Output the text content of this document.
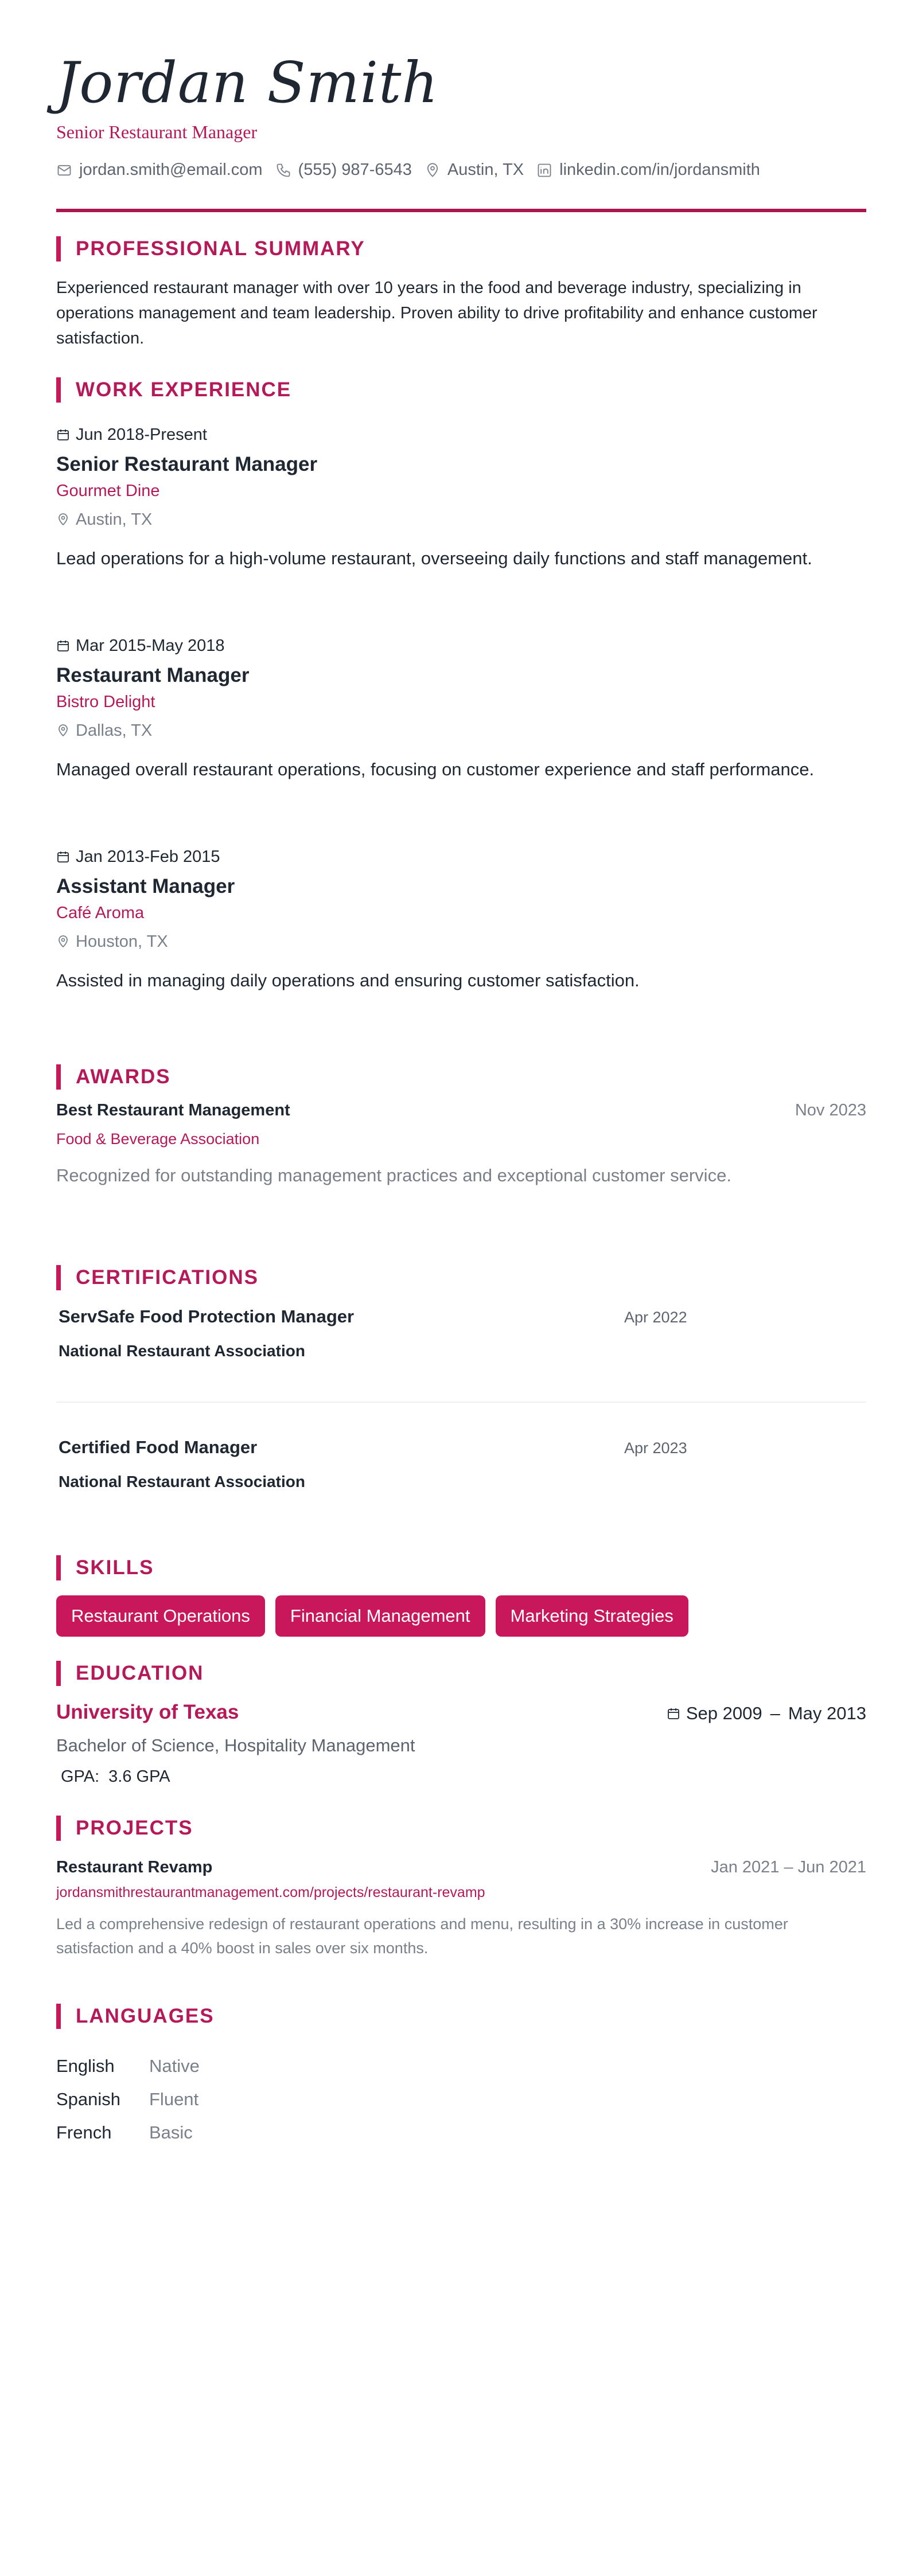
Jordan Smith
Senior Restaurant Manager
jordan.smith@email.com (555) 987-6543 Austin, TX linkedin.com/in/jordansmith
PROFESSIONAL SUMMARY
Experienced restaurant manager with over 10 years in the food and beverage industry, specializing in operations management and team leadership. Proven ability to drive profitability and enhance customer satisfaction.
WORK EXPERIENCE
Jun 2018-Present
Senior Restaurant Manager
Gourmet Dine
Austin, TX
Lead operations for a high-volume restaurant, overseeing daily functions and staff management.
Mar 2015-May 2018
Restaurant Manager
Bistro Delight
Dallas, TX
Managed overall restaurant operations, focusing on customer experience and staff performance.
Jan 2013-Feb 2015
Assistant Manager
Café Aroma
Houston, TX
Assisted in managing daily operations and ensuring customer satisfaction.
AWARDS
Best Restaurant Management	Nov 2023
Food & Beverage Association
Recognized for outstanding management practices and exceptional customer service.
CERTIFICATIONS
ServSafe Food Protection Manager	Apr 2022
National Restaurant Association
Certified Food Manager	Apr 2023
National Restaurant Association
SKILLS
Restaurant Operations	Financial Management	Marketing Strategies
EDUCATION
University of Texas	Sep 2009 – May 2013
Bachelor of Science, Hospitality Management
GPA: 3.6 GPA
PROJECTS
Restaurant Revamp	Jan 2021 – Jun 2021
jordansmithrestaurantmanagement.com/projects/restaurant-revamp
Led a comprehensive redesign of restaurant operations and menu, resulting in a 30% increase in customer satisfaction and a 40% boost in sales over six months.
LANGUAGES
English	Native
Spanish	Fluent
French	Basic
